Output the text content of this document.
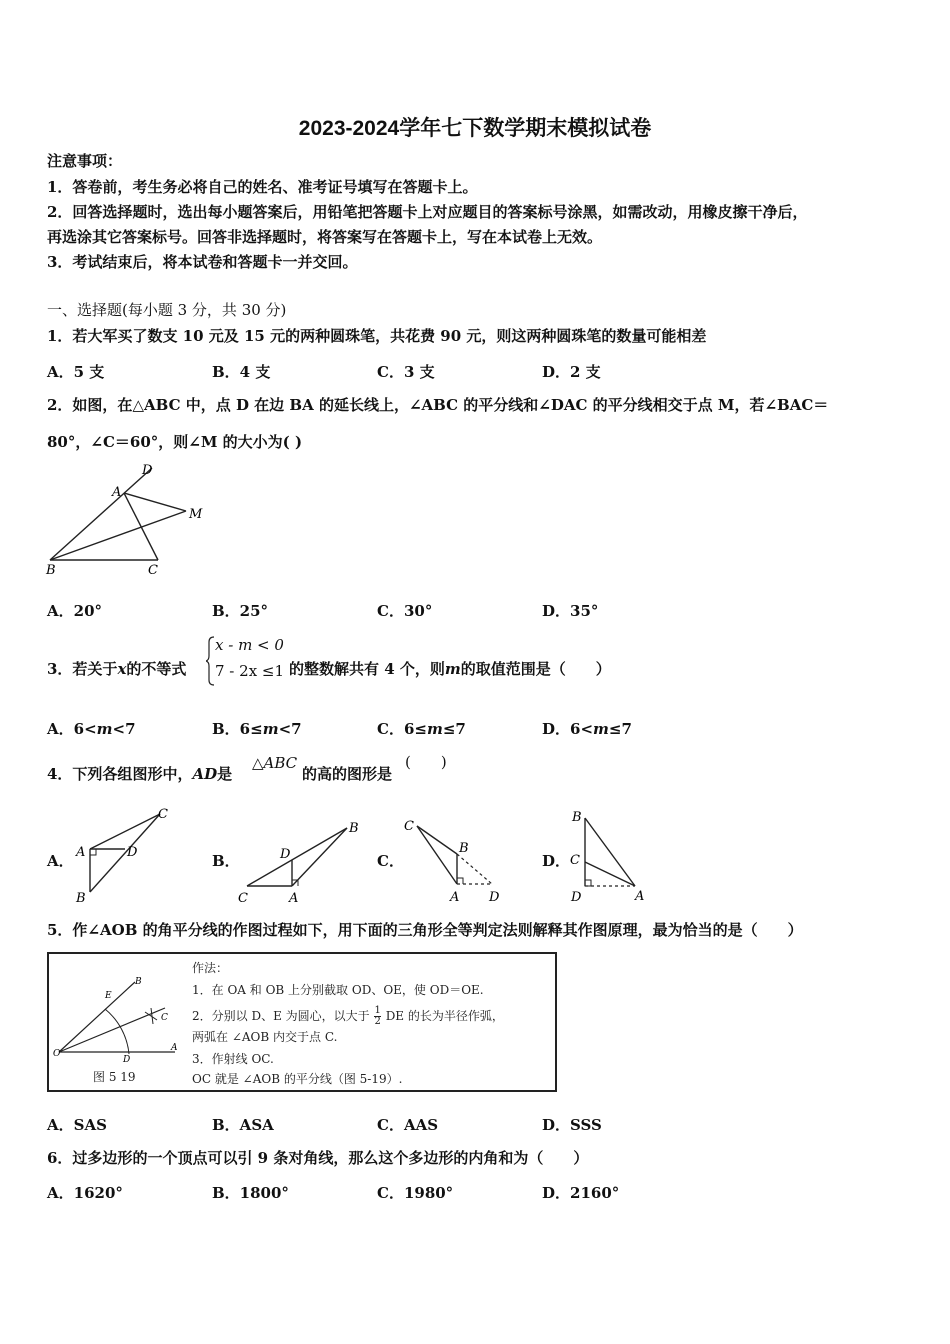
2023-2024学年七下数学期末模拟试卷
注意事项：
1．答卷前，考生务必将自己的姓名、准考证号填写在答题卡上。
2．回答选择题时，选出每小题答案后，用铅笔把答题卡上对应题目的答案标号涂黑，如需改动，用橡皮擦干净后，
再选涂其它答案标号。回答非选择题时，将答案写在答题卡上，写在本试卷上无效。
3．考试结束后，将本试卷和答题卡一并交回。
一、选择题(每小题 3 分，共 30 分)
1．若大军买了数支 10 元及 15 元的两种圆珠笔，共花费 90 元，则这两种圆珠笔的数量可能相差
A．5 支	B．4 支	C．3 支	D．2 支
2．如图，在△ABC 中，点 D 在边 BA 的延长线上，∠ABC 的平分线和∠DAC 的平分线相交于点 M，若∠BAC＝
80°，∠C＝60°，则∠M 的大小为( )
D
A
M
B	C
A．20°	B．25°	C．30°	D．35°
3．若关于x的不等式
x - m < 0
7 - 2x ≤1 的整数解共有 4 个，则m的取值范围是（　　）
A．6<m<7	B．6≤m<7	C．6≤m≤7	D．6<m≤7
4．下列各组图形中，AD是
△ABC
的高的图形是
(　　)
A．	B．	C．	D．
C
A	D
B
B
D
C	A
C
B
A D
B
C
D	A
5．作∠AOB 的角平分线的作图过程如下，用下面的三角形全等判定法则解释其作图原理，最为恰当的是（　　）
O
A
B
C
D
E
图 5 19
作法：
1．在 OA 和 OB 上分别截取 OD、OE，使 OD＝OE.
2．分别以 D、E 为圆心，以大于 $\frac{1}{2}$ DE 的长为半径作弧，
两弧在 ∠AOB 内交于点 C.
3．作射线 OC.
OC 就是 ∠AOB 的平分线（图 5-19）.
A．SAS	B．ASA	C．AAS	D．SSS
6．过多边形的一个顶点可以引 9 条对角线，那么这个多边形的内角和为（　　）
A．1620°	B．1800°	C．1980°	D．2160°
